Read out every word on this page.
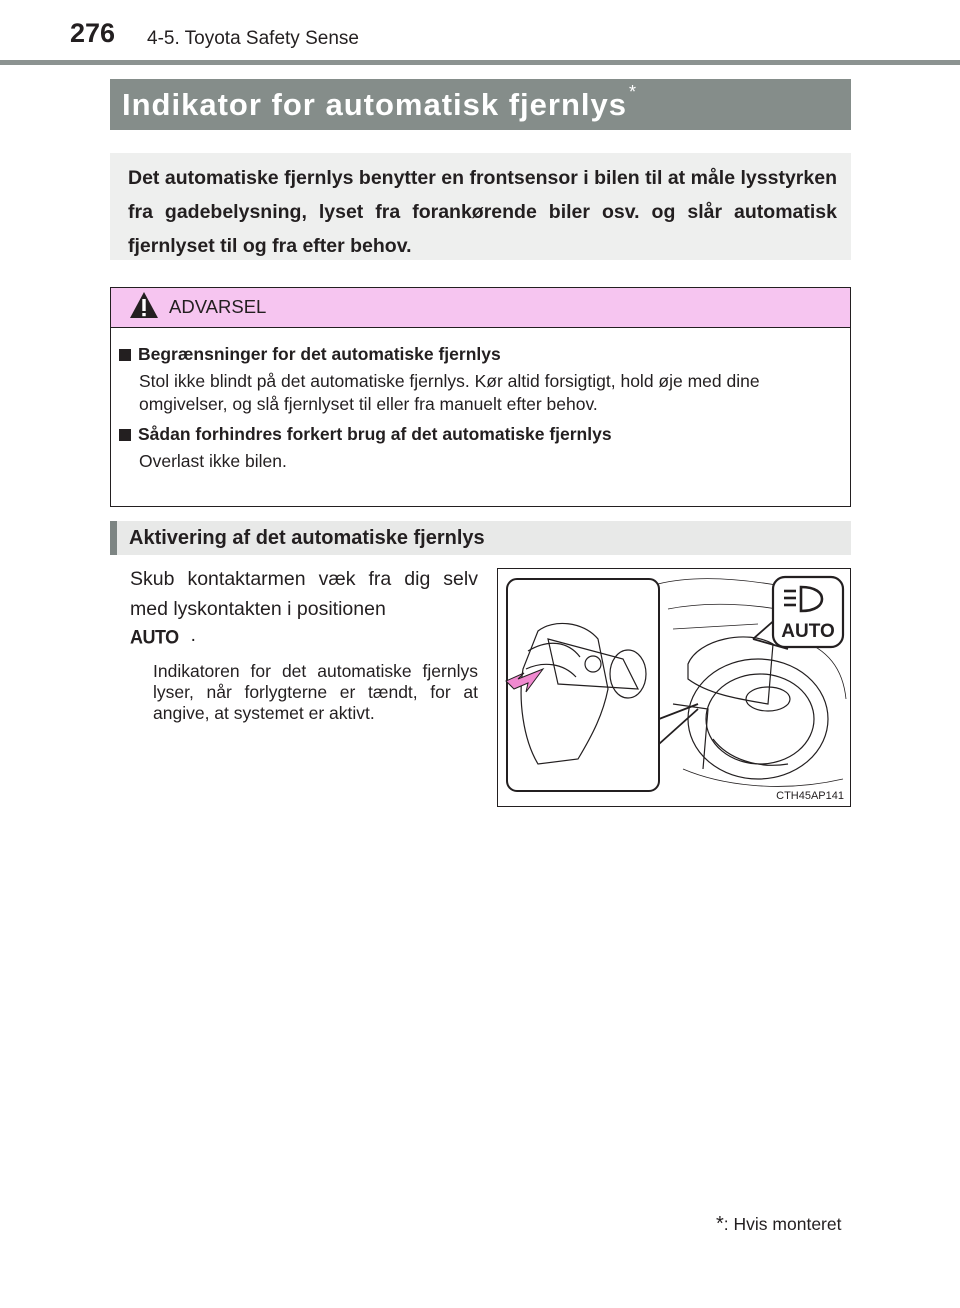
276 4-5. Toyota Safety Sense
Indikator for automatisk fjernlys *
Det automatiske fjernlys benytter en frontsensor i bilen til at måle lysstyrken fra gadebelysning, lyset fra forankørende biler osv. og slår automatisk fjernlyset til og fra efter behov.
ADVARSEL
Begrænsninger for det automatiske fjernlys
Stol ikke blindt på det automatiske fjernlys. Kør altid forsigtigt, hold øje med dine omgivelser, og slå fjernlyset til eller fra manuelt efter behov.
Sådan forhindres forkert brug af det automatiske fjernlys
Overlast ikke bilen.
Aktivering af det automatiske fjernlys
Skub kontaktarmen væk fra dig selv med lyskontakten i positionen
AUTO .
Indikatoren for det automatiske fjernlys lyser, når forlygterne er tændt, for at angive, at systemet er aktivt.
AUTO
CTH45AP141
*: Hvis monteret
